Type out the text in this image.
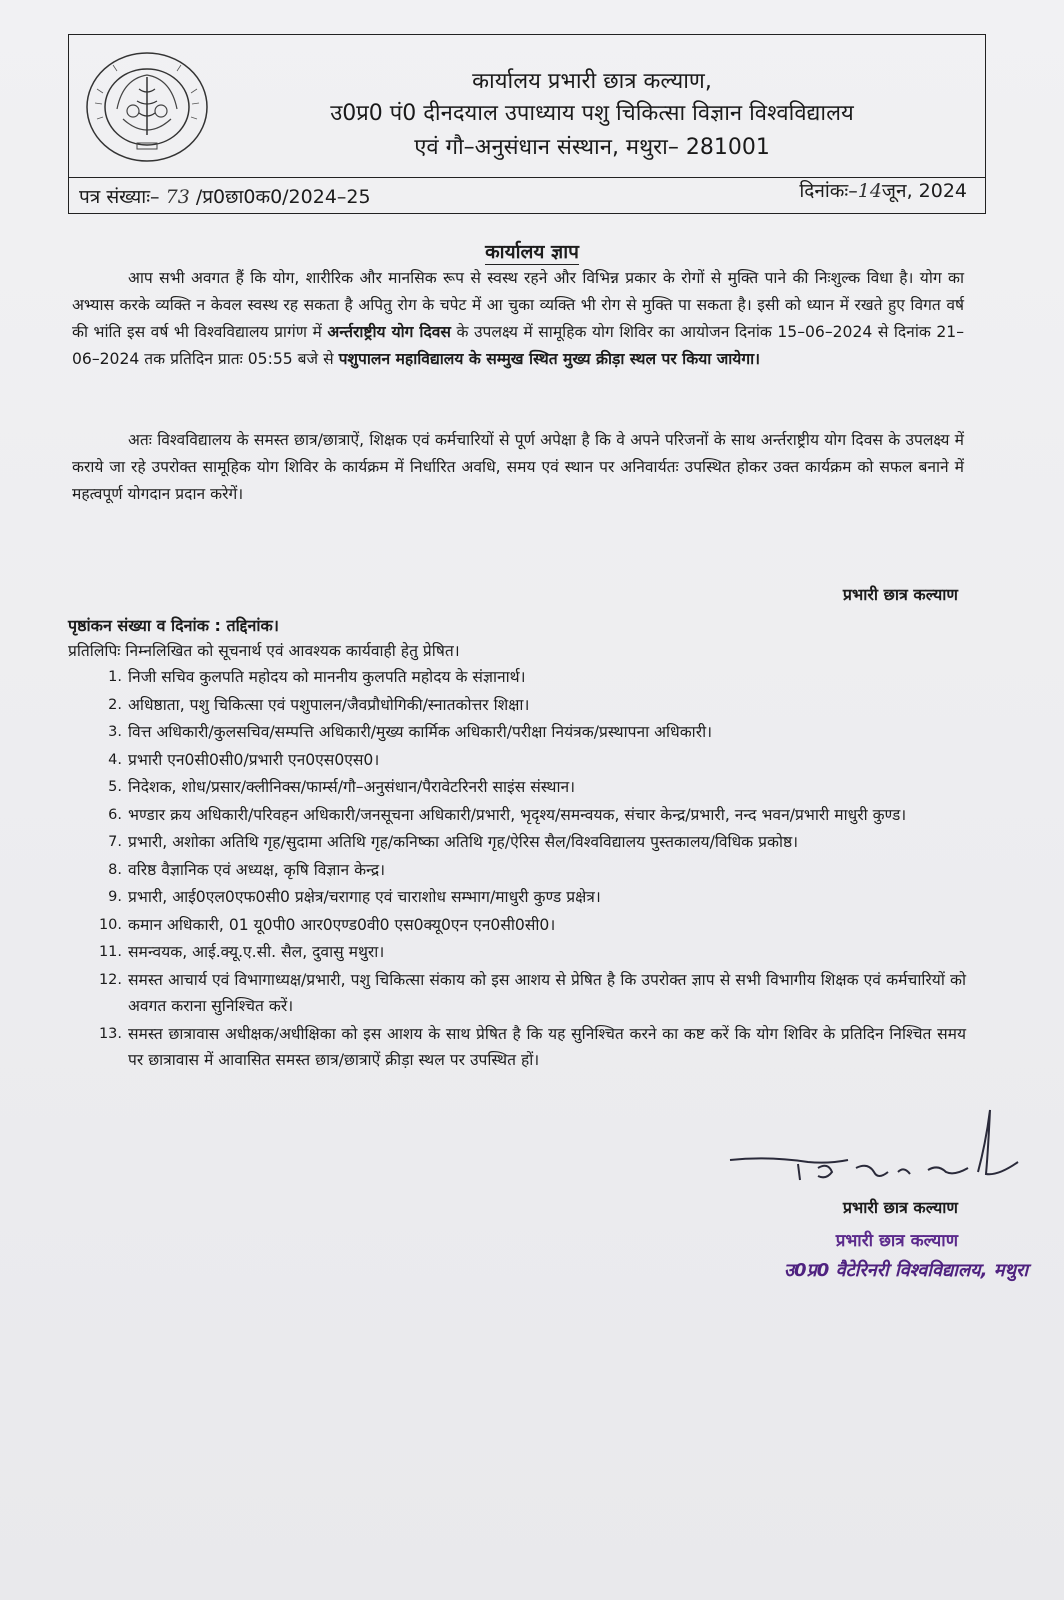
कार्यालय प्रभारी छात्र कल्याण,
उ0प्र0 पं0 दीनदयाल उपाध्याय पशु चिकित्सा विज्ञान विश्वविद्यालय
एवं गौ–अनुसंधान संस्थान, मथुरा– 281001
पत्र संख्याः– 73 /प्र0छा0क0/2024–25	दिनांकः–14जून, 2024
कार्यालय ज्ञाप
आप सभी अवगत हैं कि योग, शारीरिक और मानसिक रूप से स्वस्थ रहने और विभिन्न प्रकार के रोगों से मुक्ति पाने की निःशुल्क विधा है। योग का अभ्यास करके व्यक्ति न केवल स्वस्थ रह सकता है अपितु रोग के चपेट में आ चुका व्यक्ति भी रोग से मुक्ति पा सकता है। इसी को ध्यान में रखते हुए विगत वर्ष की भांति इस वर्ष भी विश्वविद्यालय प्रागंण में अर्न्तराष्ट्रीय योग दिवस के उपलक्ष्य में सामूहिक योग शिविर का आयोजन दिनांक 15–06–2024 से दिनांक 21–06–2024 तक प्रतिदिन प्रातः 05:55 बजे से पशुपालन महाविद्यालय के सम्मुख स्थित मुख्य क्रीड़ा स्थल पर किया जायेगा।
अतः विश्वविद्यालय के समस्त छात्र/छात्राऐं, शिक्षक एवं कर्मचारियों से पूर्ण अपेक्षा है कि वे अपने परिजनों के साथ अर्न्तराष्ट्रीय योग दिवस के उपलक्ष्य में कराये जा रहे उपरोक्त सामूहिक योग शिविर के कार्यक्रम में निर्धारित अवधि, समय एवं स्थान पर अनिवार्यतः उपस्थित होकर उक्त कार्यक्रम को सफल बनाने में महत्वपूर्ण योगदान प्रदान करेगें।
प्रभारी छात्र कल्याण
पृष्ठांकन संख्या व दिनांक : तद्दिनांक।
प्रतिलिपिः निम्नलिखित को सूचनार्थ एवं आवश्यक कार्यवाही हेतु प्रेषित।
1. निजी सचिव कुलपति महोदय को माननीय कुलपति महोदय के संज्ञानार्थ।
2. अधिष्ठाता, पशु चिकित्सा एवं पशुपालन/जैवप्रौधोगिकी/स्नातकोत्तर शिक्षा।
3. वित्त अधिकारी/कुलसचिव/सम्पत्ति अधिकारी/मुख्य कार्मिक अधिकारी/परीक्षा नियंत्रक/प्रस्थापना अधिकारी।
4. प्रभारी एन0सी0सी0/प्रभारी एन0एस0एस0।
5. निदेशक, शोध/प्रसार/क्लीनिक्स/फार्म्स/गौ–अनुसंधान/पैरावेटरिनरी साइंस संस्थान।
6. भण्डार क्रय अधिकारी/परिवहन अधिकारी/जनसूचना अधिकारी/प्रभारी, भृदृश्य/समन्वयक, संचार केन्द्र/प्रभारी, नन्द भवन/प्रभारी माधुरी कुण्ड।
7. प्रभारी, अशोका अतिथि गृह/सुदामा अतिथि गृह/कनिष्का अतिथि गृह/ऐरिस सैल/विश्वविद्यालय पुस्तकालय/विधिक प्रकोष्ठ।
8. वरिष्ठ वैज्ञानिक एवं अध्यक्ष, कृषि विज्ञान केन्द्र।
9. प्रभारी, आई0एल0एफ0सी0 प्रक्षेत्र/चरागाह एवं चाराशोध सम्भाग/माधुरी कुण्ड प्रक्षेत्र।
10. कमान अधिकारी, 01 यू0पी0 आर0एण्ड0वी0 एस0क्यू0एन एन0सी0सी0।
11. समन्वयक, आई.क्यू.ए.सी. सैल, दुवासु मथुरा।
12. समस्त आचार्य एवं विभागाध्यक्ष/प्रभारी, पशु चिकित्सा संकाय को इस आशय से प्रेषित है कि उपरोक्त ज्ञाप से सभी विभागीय शिक्षक एवं कर्मचारियों को अवगत कराना सुनिश्चित करें।
13. समस्त छात्रावास अधीक्षक/अधीक्षिका को इस आशय के साथ प्रेषित है कि यह सुनिश्चित करने का कष्ट करें कि योग शिविर के प्रतिदिन निश्चित समय पर छात्रावास में आवासित समस्त छात्र/छात्राऐं क्रीड़ा स्थल पर उपस्थित हों।
प्रभारी छात्र कल्याण
प्रभारी छात्र कल्याण
उ0प्र0 वैटेरिनरी विश्वविद्यालय, मथुरा
